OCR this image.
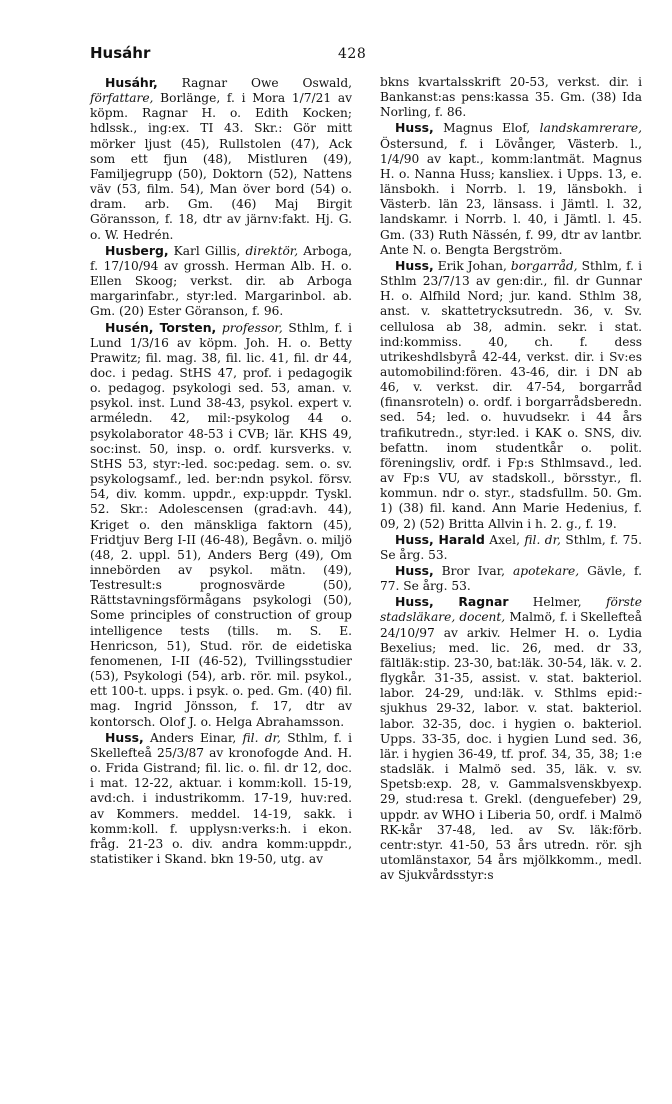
Husáhr	428

Husáhr, Ragnar Owe Oswald, författare, Borlänge, f. i Mora 1/7/21 av köpm. Ragnar H. o. Edith Kocken; hdlssk., ing:ex. TI 43. Skr.: Gör mitt mörker ljust (45), Rullstolen (47), Ack som ett fjun (48), Mistluren (49), Familjegrupp (50), Doktorn (52), Nattens väv (53, film. 54), Man över bord (54) o. dram. arb. Gm. (46) Maj Birgit Göransson, f. 18, dtr av järnv:fakt. Hj. G. o. W. Hedrén.

Husberg, Karl Gillis, direktör, Arboga, f. 17/10/94 av grossh. Herman Alb. H. o. Ellen Skoog; verkst. dir. ab Arboga margarinfabr., styr:led. Margarinbol. ab. Gm. (20) Ester Göranson, f. 96.

Husén, Torsten, professor, Sthlm, f. i Lund 1/3/16 av köpm. Joh. H. o. Betty Prawitz; fil. mag. 38, fil. lic. 41, fil. dr 44, doc. i pedag. StHS 47, prof. i pedagogik o. pedagog. psykologi sed. 53, aman. v. psykol. inst. Lund 38-43, psykol. expert v. arméledn. 42, mil:-psykolog 44 o. psykolaborator 48-53 i CVB; lär. KHS 49, soc:inst. 50, insp. o. ordf. kursverks. v. StHS 53, styr:-led. soc:pedag. sem. o. sv. psykologsamf., led. ber:ndn psykol. försv. 54, div. komm. uppdr., exp:uppdr. Tyskl. 52. Skr.: Adolescensen (grad:avh. 44), Kriget o. den mänskliga faktorn (45), Fridtjuv Berg I-II (46-48), Begåvn. o. miljö (48, 2. uppl. 51), Anders Berg (49), Om innebörden av psykol. mätn. (49), Testresult:s prognosvärde (50), Rättstavningsförmågans psykologi (50), Some principles of construction of group intelligence tests (tills. m. S. E. Henricson, 51), Stud. rör. de eidetiska fenomenen, I-II (46-52), Tvillingsstudier (53), Psykologi (54), arb. rör. mil. psykol., ett 100-t. upps. i psyk. o. ped. Gm. (40) fil. mag. Ingrid Jönsson, f. 17, dtr av kontorsch. Olof J. o. Helga Abrahamsson.

Huss, Anders Einar, fil. dr, Sthlm, f. i Skellefteå 25/3/87 av kronofogde And. H. o. Frida Gistrand; fil. lic. o. fil. dr 12, doc. i mat. 12-22, aktuar. i komm:koll. 15-19, avd:ch. i industrikomm. 17-19, huv:red. av Kommers. meddel. 14-19, sakk. i komm:koll. f. upplysn:verks:h. i ekon. fråg. 21-23 o. div. andra komm:uppdr., statistiker i Skand. bkn 19-50, utg. av

bkns kvartalsskrift 20-53, verkst. dir. i Bankanst:as pens:kassa 35. Gm. (38) Ida Norling, f. 86.

Huss, Magnus Elof, landskamrerare, Östersund, f. i Lövånger, Västerb. l., 1/4/90 av kapt., komm:lantmät. Magnus H. o. Nanna Huss; kansliex. i Upps. 13, e. länsbokh. i Norrb. l. 19, länsbokh. i Västerb. län 23, länsass. i Jämtl. l. 32, landskamr. i Norrb. l. 40, i Jämtl. l. 45. Gm. (33) Ruth Nässén, f. 99, dtr av lantbr. Ante N. o. Bengta Bergström.

Huss, Erik Johan, borgarråd, Sthlm, f. i Sthlm 23/7/13 av gen:dir., fil. dr Gunnar H. o. Alfhild Nord; jur. kand. Sthlm 38, anst. v. skattetrycksutredn. 36, v. Sv. cellulosa ab 38, admin. sekr. i stat. ind:kommiss. 40, ch. f. dess utrikeshdlsbyrå 42-44, verkst. dir. i Sv:es automobilind:fören. 43-46, dir. i DN ab 46, v. verkst. dir. 47-54, borgarråd (finansroteln) o. ordf. i borgarrådsberedn. sed. 54; led. o. huvudsekr. i 44 års trafikutredn., styr:led. i KAK o. SNS, div. befattn. inom studentkår o. polit. föreningsliv, ordf. i Fp:s Sthlmsavd., led. av Fp:s VU, av stadskoll., börsstyr., fl. kommun. ndr o. styr., stadsfullm. 50. Gm. 1) (38) fil. kand. Ann Marie Hedenius, f. 09, 2) (52) Britta Allvin i h. 2. g., f. 19.

Huss, Harald Axel, fil. dr, Sthlm, f. 75. Se årg. 53.

Huss, Bror Ivar, apotekare, Gävle, f. 77. Se årg. 53.

Huss, Ragnar Helmer, förste stadsläkare, docent, Malmö, f. i Skellefteå 24/10/97 av arkiv. Helmer H. o. Lydia Bexelius; med. lic. 26, med. dr 33, fältläk:stip. 23-30, bat:läk. 30-54, läk. v. 2. flygkår. 31-35, assist. v. stat. bakteriol. labor. 24-29, und:läk. v. Sthlms epid:-sjukhus 29-32, labor. v. stat. bakteriol. labor. 32-35, doc. i hygien o. bakteriol. Upps. 33-35, doc. i hygien Lund sed. 36, lär. i hygien 36-49, tf. prof. 34, 35, 38; 1:e stadsläk. i Malmö sed. 35, läk. v. sv. Spetsb:exp. 28, v. Gammalsvenskbyexp. 29, stud:resa t. Grekl. (denguefeber) 29, uppdr. av WHO i Liberia 50, ordf. i Malmö RK-kår 37-48, led. av Sv. läk:förb. centr:styr. 41-50, 53 års utredn. rör. sjh utomlänstaxor, 54 års mjölkkomm., medl. av Sjukvårdsstyr:s
